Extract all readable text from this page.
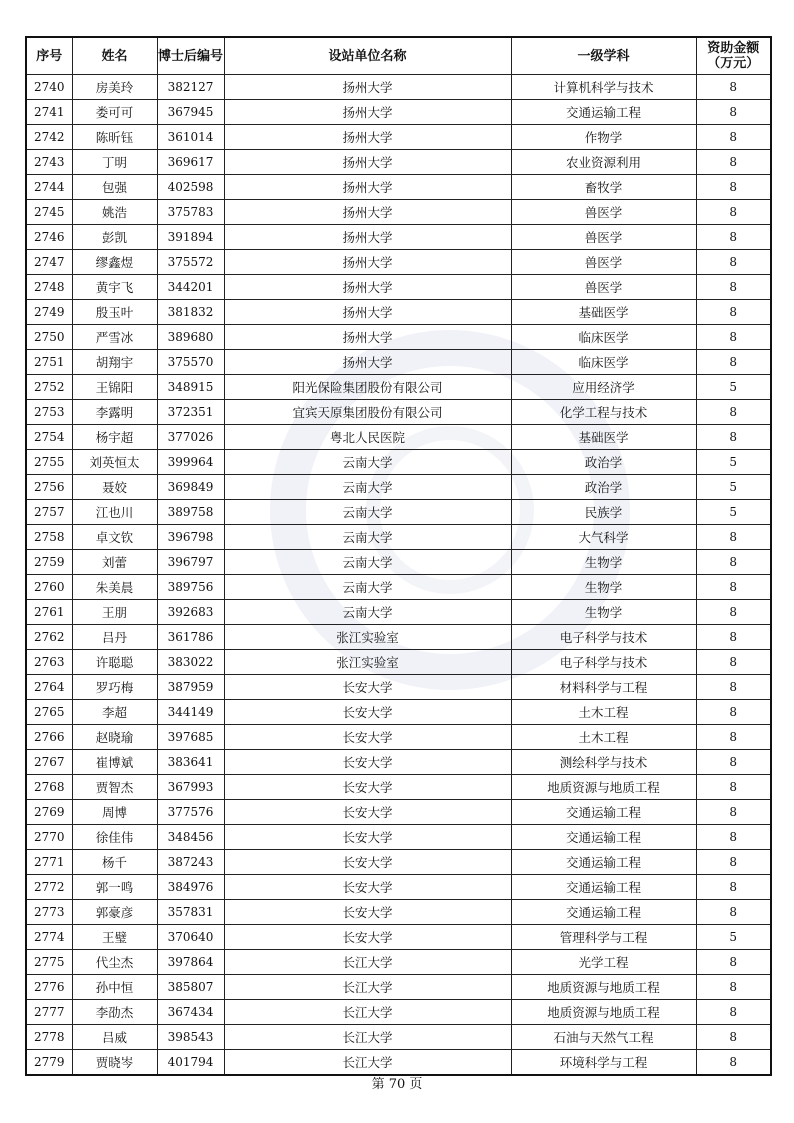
序号	姓名	博士后编号	设站单位名称	一级学科	资助金额（万元）
2740	房美玲	382127	扬州大学	计算机科学与技术	8
2741	娄可可	367945	扬州大学	交通运输工程	8
2742	陈昕钰	361014	扬州大学	作物学	8
2743	丁明	369617	扬州大学	农业资源利用	8
2744	包强	402598	扬州大学	畜牧学	8
2745	姚浩	375783	扬州大学	兽医学	8
2746	彭凯	391894	扬州大学	兽医学	8
2747	缪鑫煜	375572	扬州大学	兽医学	8
2748	黄宇飞	344201	扬州大学	兽医学	8
2749	殷玉叶	381832	扬州大学	基础医学	8
2750	严雪冰	389680	扬州大学	临床医学	8
2751	胡翔宇	375570	扬州大学	临床医学	8
2752	王锦阳	348915	阳光保险集团股份有限公司	应用经济学	5
2753	李露明	372351	宜宾天原集团股份有限公司	化学工程与技术	8
2754	杨宇超	377026	粤北人民医院	基础医学	8
2755	刘英恒太	399964	云南大学	政治学	5
2756	聂姣	369849	云南大学	政治学	5
2757	江也川	389758	云南大学	民族学	5
2758	卓文钦	396798	云南大学	大气科学	8
2759	刘蕾	396797	云南大学	生物学	8
2760	朱美晨	389756	云南大学	生物学	8
2761	王朋	392683	云南大学	生物学	8
2762	吕丹	361786	张江实验室	电子科学与技术	8
2763	许聪聪	383022	张江实验室	电子科学与技术	8
2764	罗巧梅	387959	长安大学	材料科学与工程	8
2765	李超	344149	长安大学	土木工程	8
2766	赵晓瑜	397685	长安大学	土木工程	8
2767	崔博斌	383641	长安大学	测绘科学与技术	8
2768	贾智杰	367993	长安大学	地质资源与地质工程	8
2769	周博	377576	长安大学	交通运输工程	8
2770	徐佳伟	348456	长安大学	交通运输工程	8
2771	杨千	387243	长安大学	交通运输工程	8
2772	郭一鸣	384976	长安大学	交通运输工程	8
2773	郭豪彦	357831	长安大学	交通运输工程	8
2774	王璧	370640	长安大学	管理科学与工程	5
2775	代尘杰	397864	长江大学	光学工程	8
2776	孙中恒	385807	长江大学	地质资源与地质工程	8
2777	李劭杰	367434	长江大学	地质资源与地质工程	8
2778	吕威	398543	长江大学	石油与天然气工程	8
2779	贾晓岑	401794	长江大学	环境科学与工程	8
第 70 页
